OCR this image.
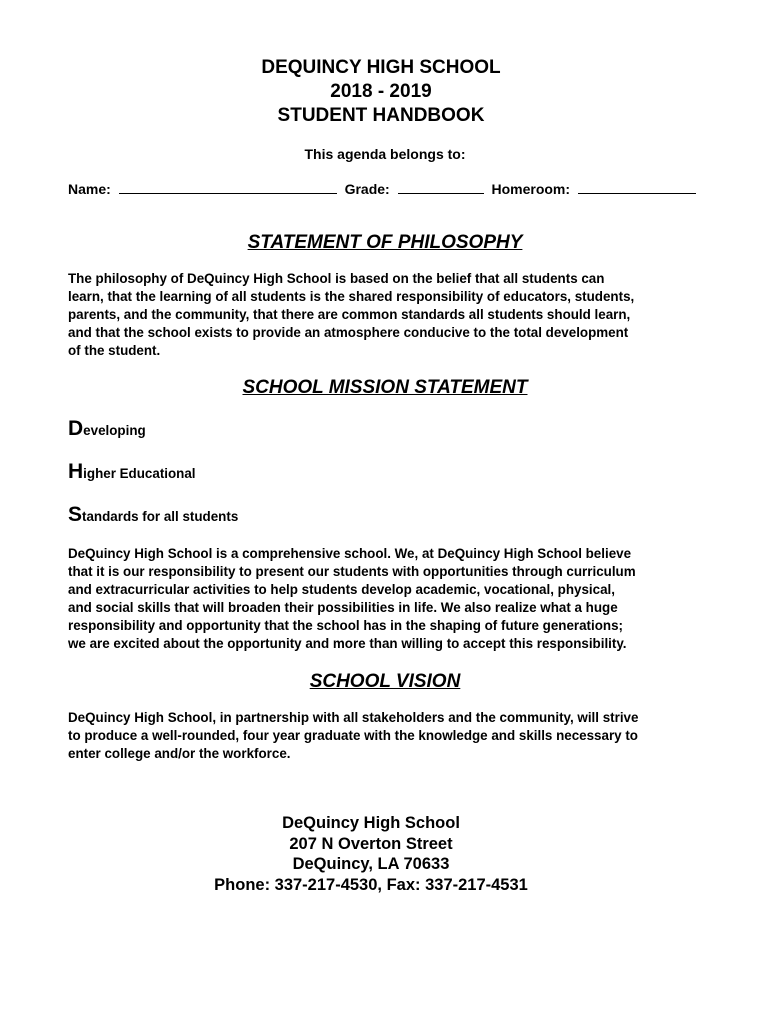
DEQUINCY HIGH SCHOOL
2018 - 2019
STUDENT HANDBOOK
This agenda belongs to:
Name:	Grade:	Homeroom:
STATEMENT OF PHILOSOPHY
The philosophy of DeQuincy High School is based on the belief that all students can
learn, that the learning of all students is the shared responsibility of educators, students,
parents, and the community, that there are common standards all students should learn,
and that the school exists to provide an atmosphere conducive to the total development
of the student.
SCHOOL MISSION STATEMENT
Developing
Higher Educational
Standards for all students
DeQuincy High School is a comprehensive school. We, at DeQuincy High School believe
that it is our responsibility to present our students with opportunities through curriculum
and extracurricular activities to help students develop academic, vocational, physical,
and social skills that will broaden their possibilities in life. We also realize what a huge
responsibility and opportunity that the school has in the shaping of future generations;
we are excited about the opportunity and more than willing to accept this responsibility.
SCHOOL VISION
DeQuincy High School, in partnership with all stakeholders and the community, will strive
to produce a well-rounded, four year graduate with the knowledge and skills necessary to
enter college and/or the workforce.
DeQuincy High School
207 N Overton Street
DeQuincy, LA 70633
Phone: 337-217-4530, Fax: 337-217-4531
